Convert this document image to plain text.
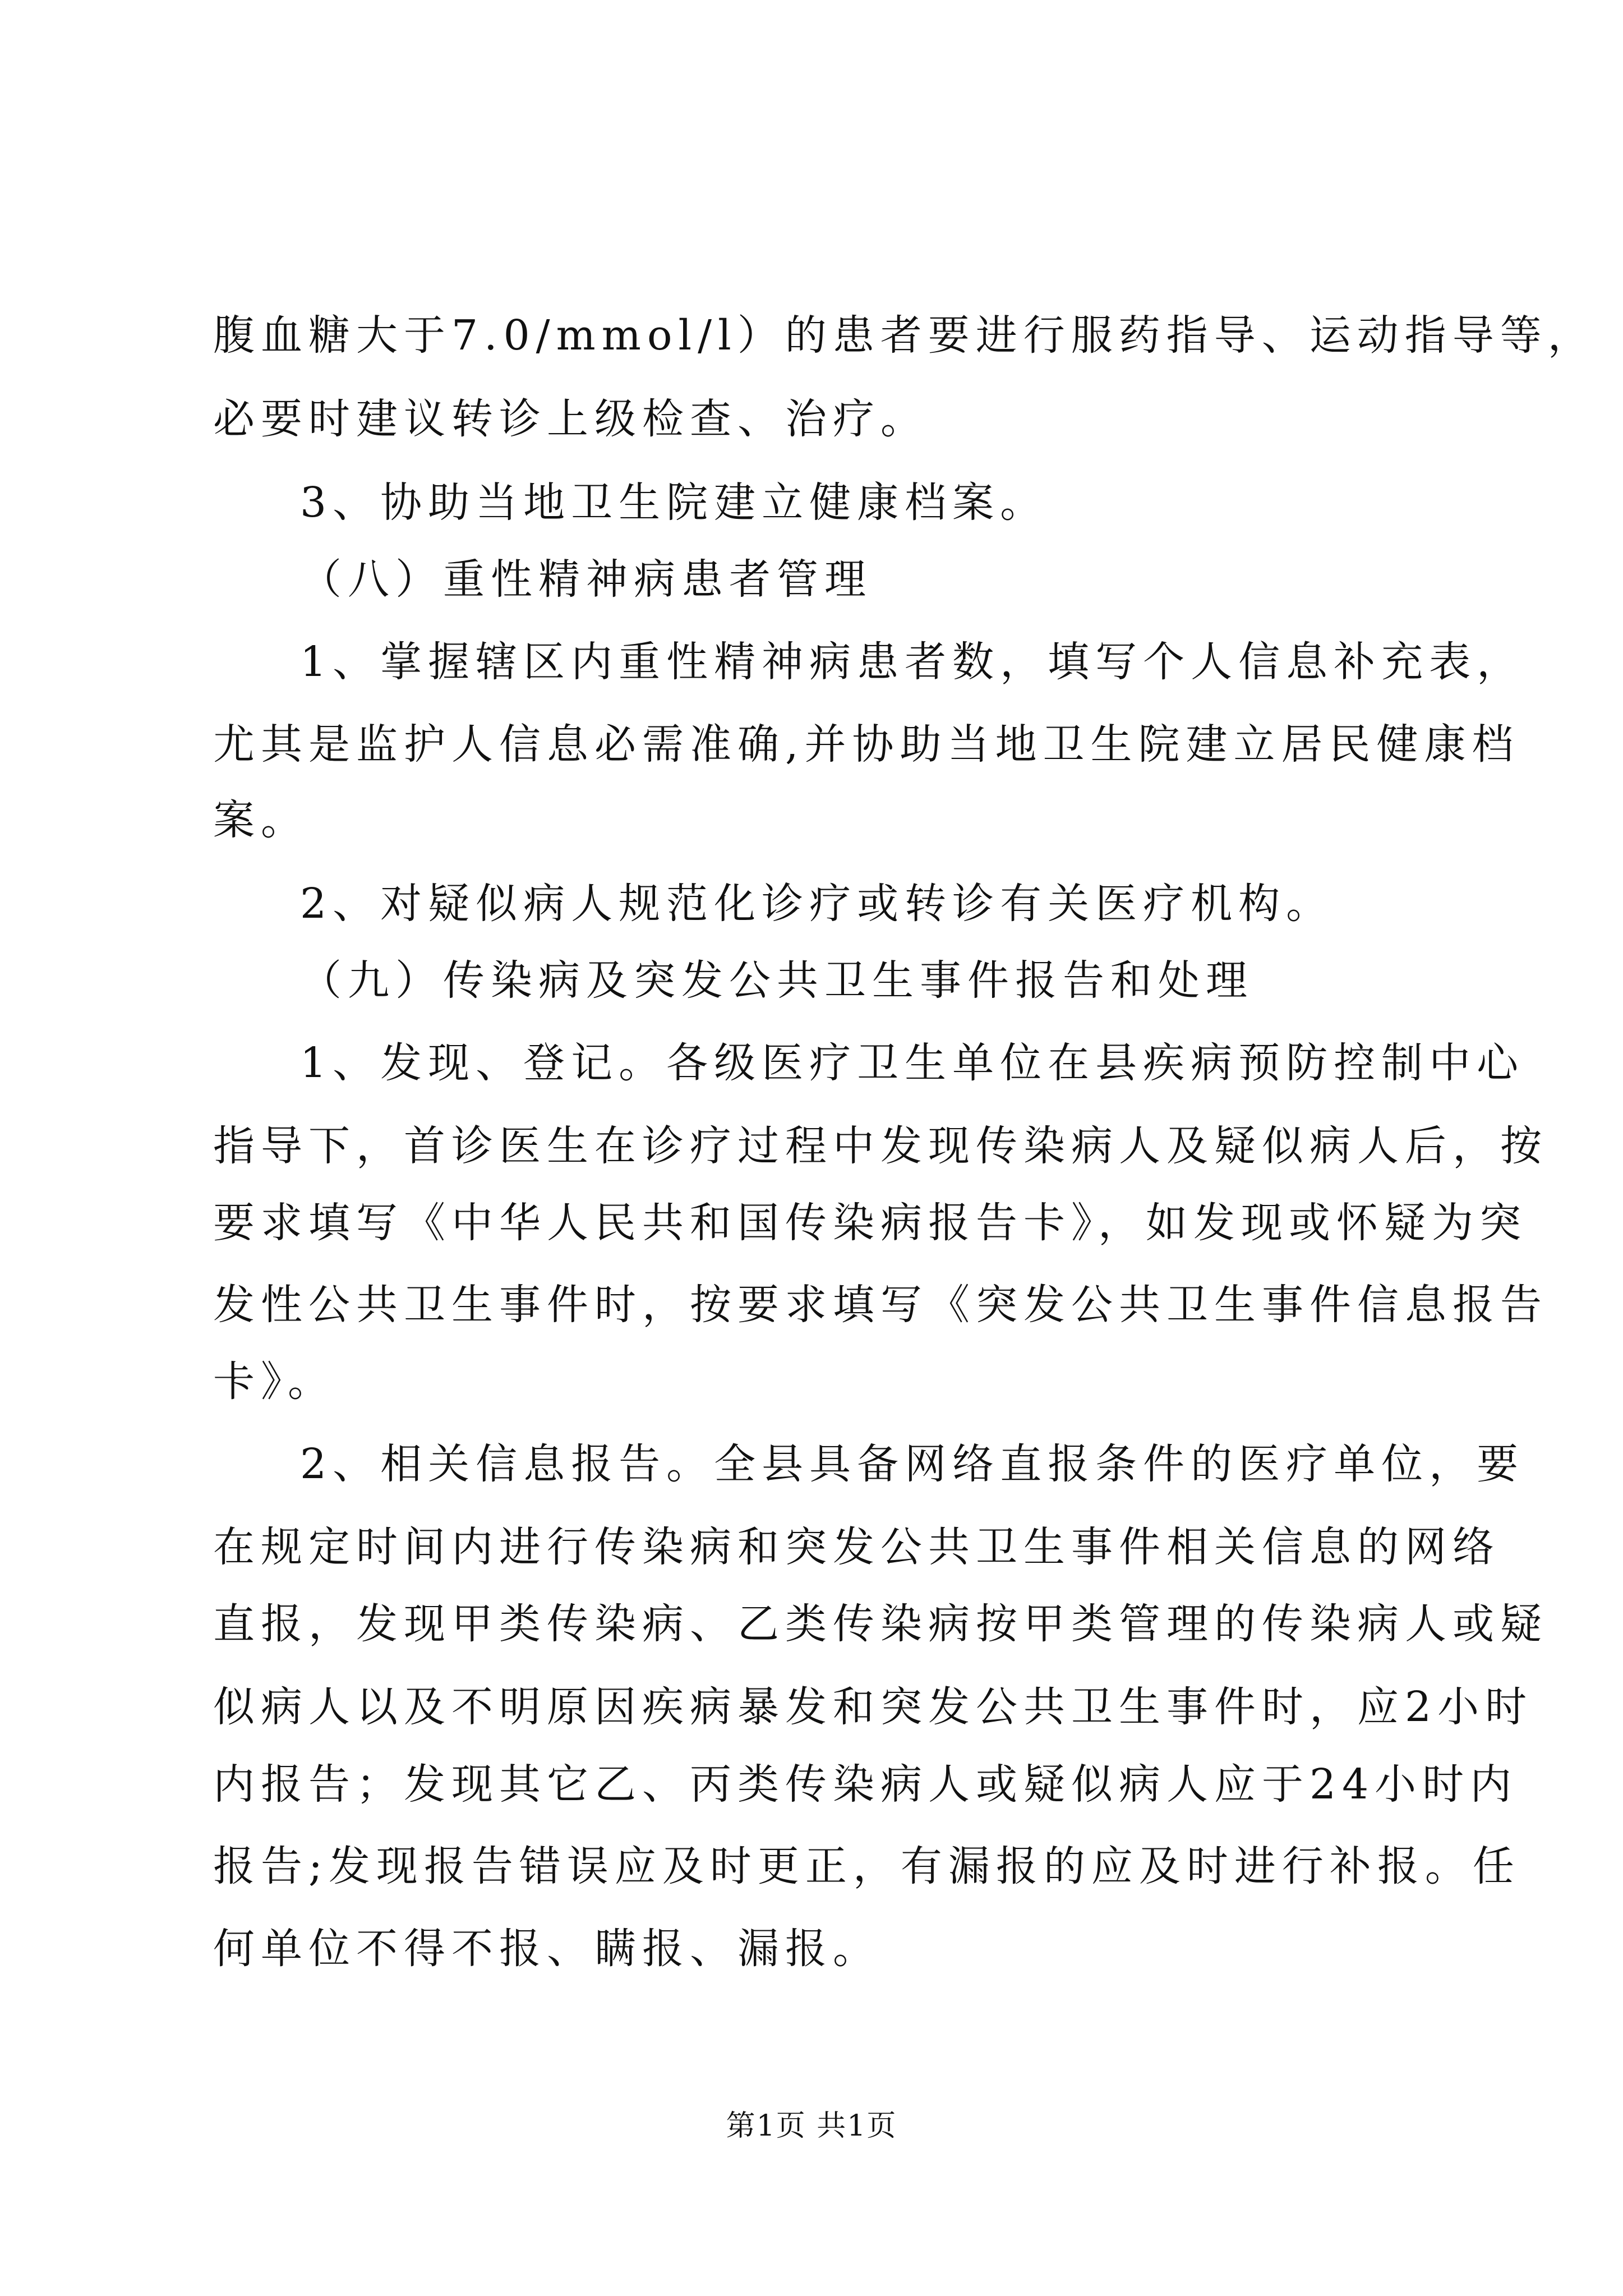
腹血糖大于7.0/mmol/l）的患者要进行服药指导、运动指导等，
必要时建议转诊上级检查、治疗。
3、协助当地卫生院建立健康档案。
（八）重性精神病患者管理
1、掌握辖区内重性精神病患者数，填写个人信息补充表，
尤其是监护人信息必需准确,并协助当地卫生院建立居民健康档
案。
2、对疑似病人规范化诊疗或转诊有关医疗机构。
（九）传染病及突发公共卫生事件报告和处理
1、发现、登记。各级医疗卫生单位在县疾病预防控制中心
指导下，首诊医生在诊疗过程中发现传染病人及疑似病人后，按
要求填写《中华人民共和国传染病报告卡》，如发现或怀疑为突
发性公共卫生事件时，按要求填写《突发公共卫生事件信息报告
卡》。
2、相关信息报告。全县具备网络直报条件的医疗单位，要
在规定时间内进行传染病和突发公共卫生事件相关信息的网络
直报，发现甲类传染病、乙类传染病按甲类管理的传染病人或疑
似病人以及不明原因疾病暴发和突发公共卫生事件时，应2小时
内报告；发现其它乙、丙类传染病人或疑似病人应于24小时内
报告;发现报告错误应及时更正，有漏报的应及时进行补报。任
何单位不得不报、瞒报、漏报。
第1页 共1页
